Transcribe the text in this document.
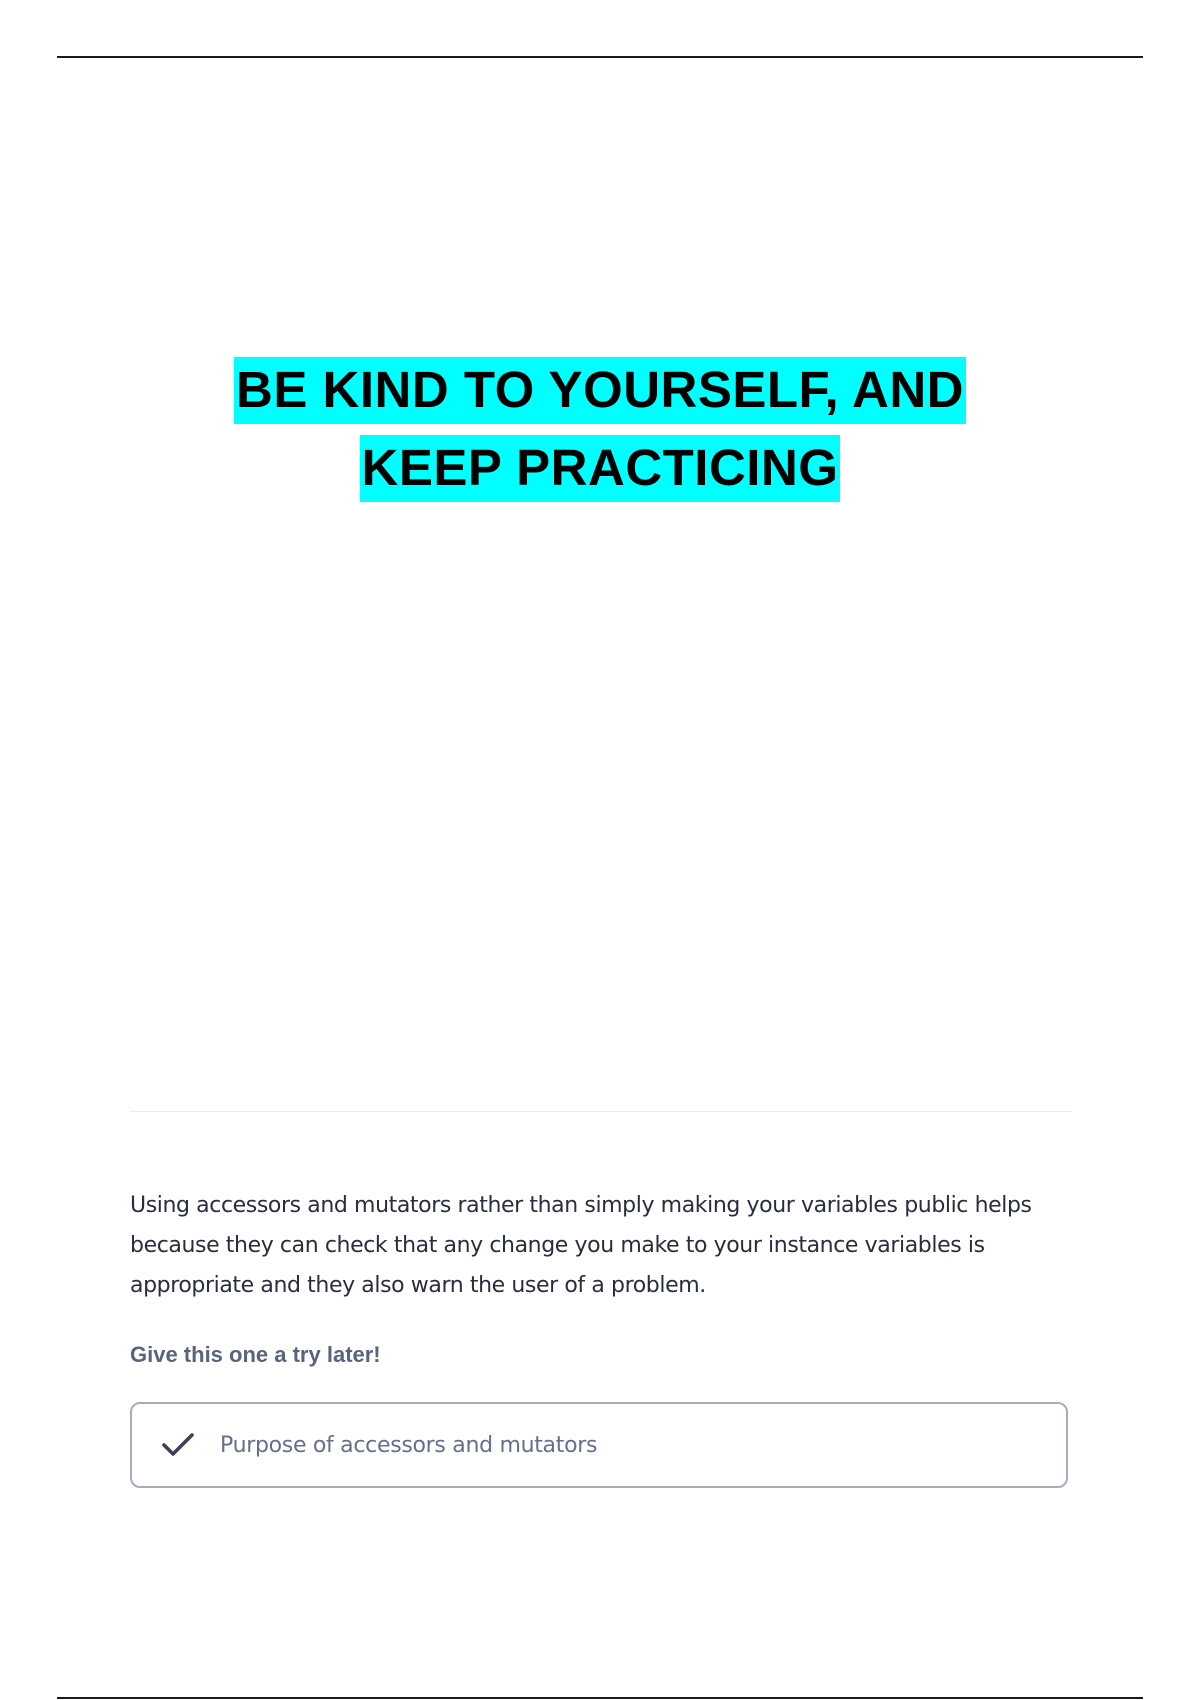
BE KIND TO YOURSELF, AND
KEEP PRACTICING

Using accessors and mutators rather than simply making your variables public helps because they can check that any change you make to your instance variables is appropriate and they also warn the user of a problem.

Give this one a try later!

Purpose of accessors and mutators
